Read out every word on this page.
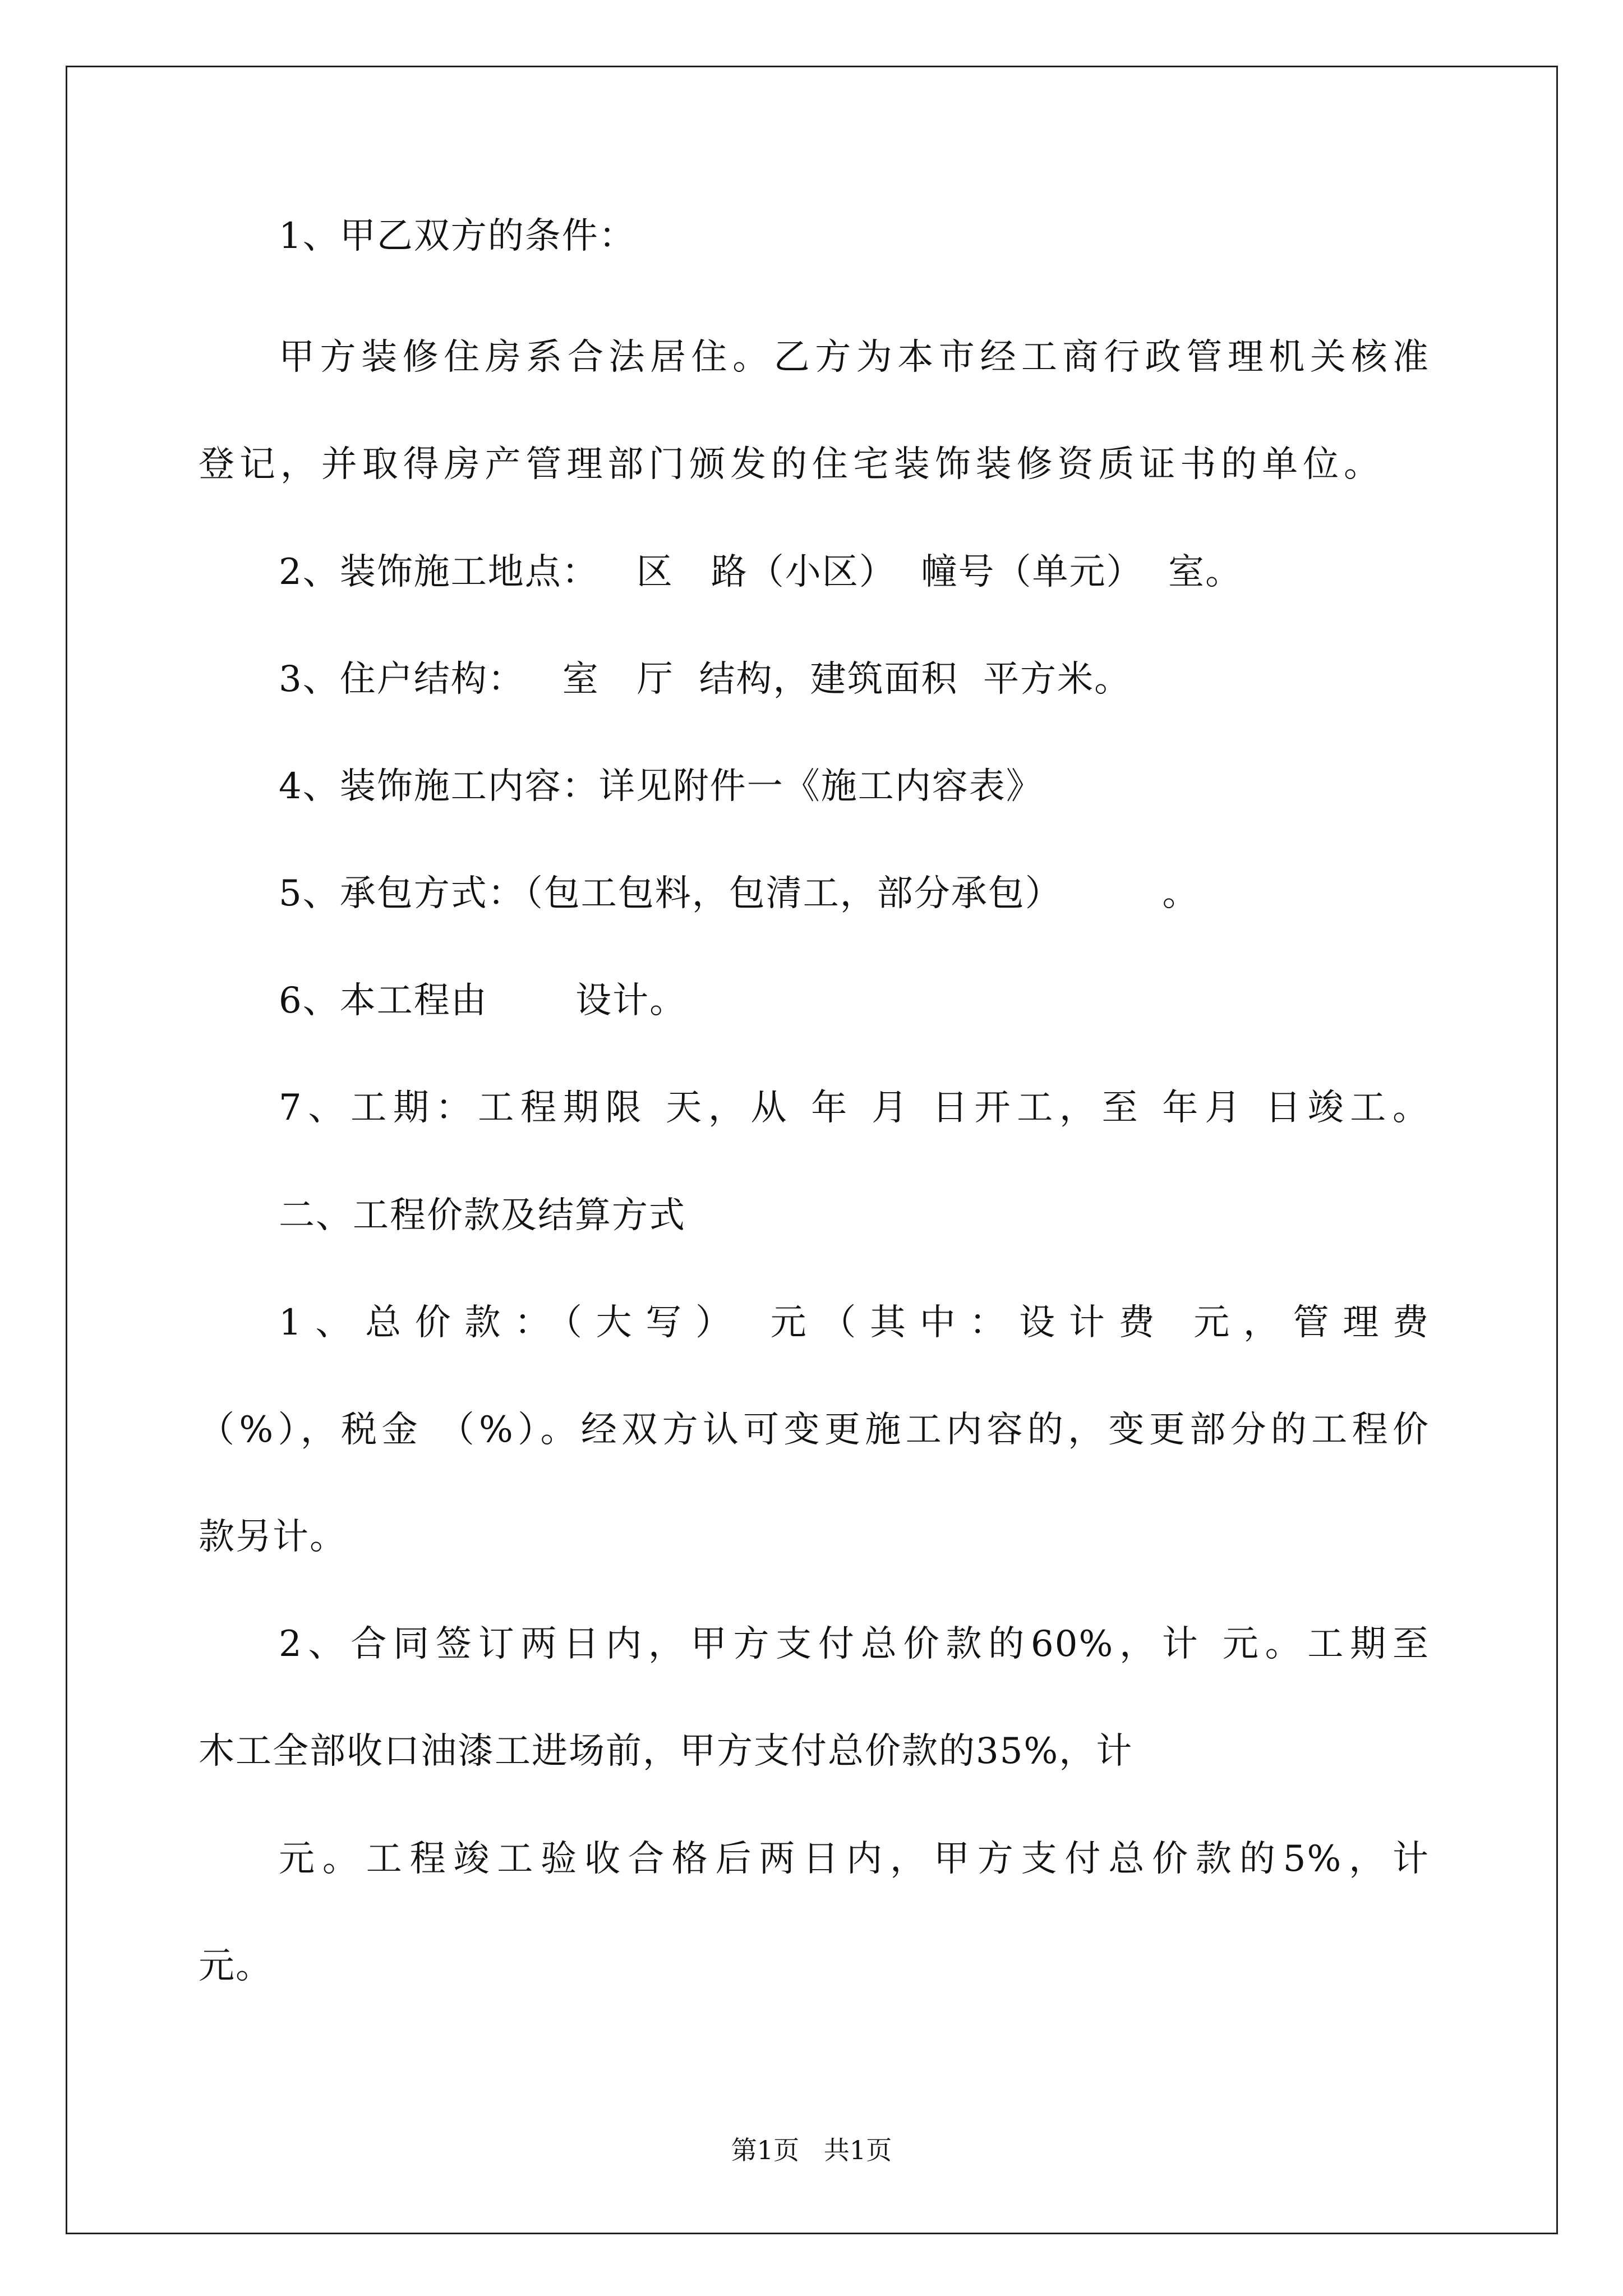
1、甲乙双方的条件：
甲方装修住房系合法居住。乙方为本市经工商行政管理机关核准
登记，并取得房产管理部门颁发的住宅装饰装修资质证书的单位。
2、装饰施工地点：   区   路（小区）  幢号（单元）  室。
3、住户结构：   室   厅  结构，建筑面积  平方米。
4、装饰施工内容：详见附件一《施工内容表》
5、承包方式：（包工包料，包清工，部分承包）        。
6、本工程由       设计。
7、工期：工程期限 天，从 年 月 日开工，至 年月 日竣工。
二、工程价款及结算方式
1、总价款：（大写） 元（其中：设计费 元，管理费
（%），税金 （%）。经双方认可变更施工内容的，变更部分的工程价
款另计。
2、合同签订两日内，甲方支付总价款的60%，计 元。工期至
木工全部收口油漆工进场前，甲方支付总价款的35%，计
元。工程竣工验收合格后两日内，甲方支付总价款的5%，计
元。
第1页   共1页
